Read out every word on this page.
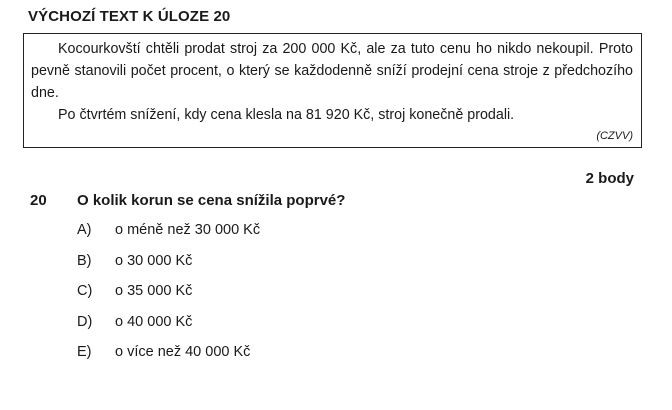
VÝCHOZÍ TEXT K ÚLOZE 20

Kocourkovští chtěli prodat stroj za 200 000 Kč, ale za tuto cenu ho nikdo nekoupil. Proto pevně stanovili počet procent, o který se každodenně sníží prodejní cena stroje z předchozího dne.

Po čtvrtém snížení, kdy cena klesla na 81 920 Kč, stroj konečně prodali.

(CZVV)
2 body
20 O kolik korun se cena snížila poprvé?
A)	o méně než 30 000 Kč
B)	o 30 000 Kč
C)	o 35 000 Kč
D)	o 40 000 Kč
E)	o více než 40 000 Kč
